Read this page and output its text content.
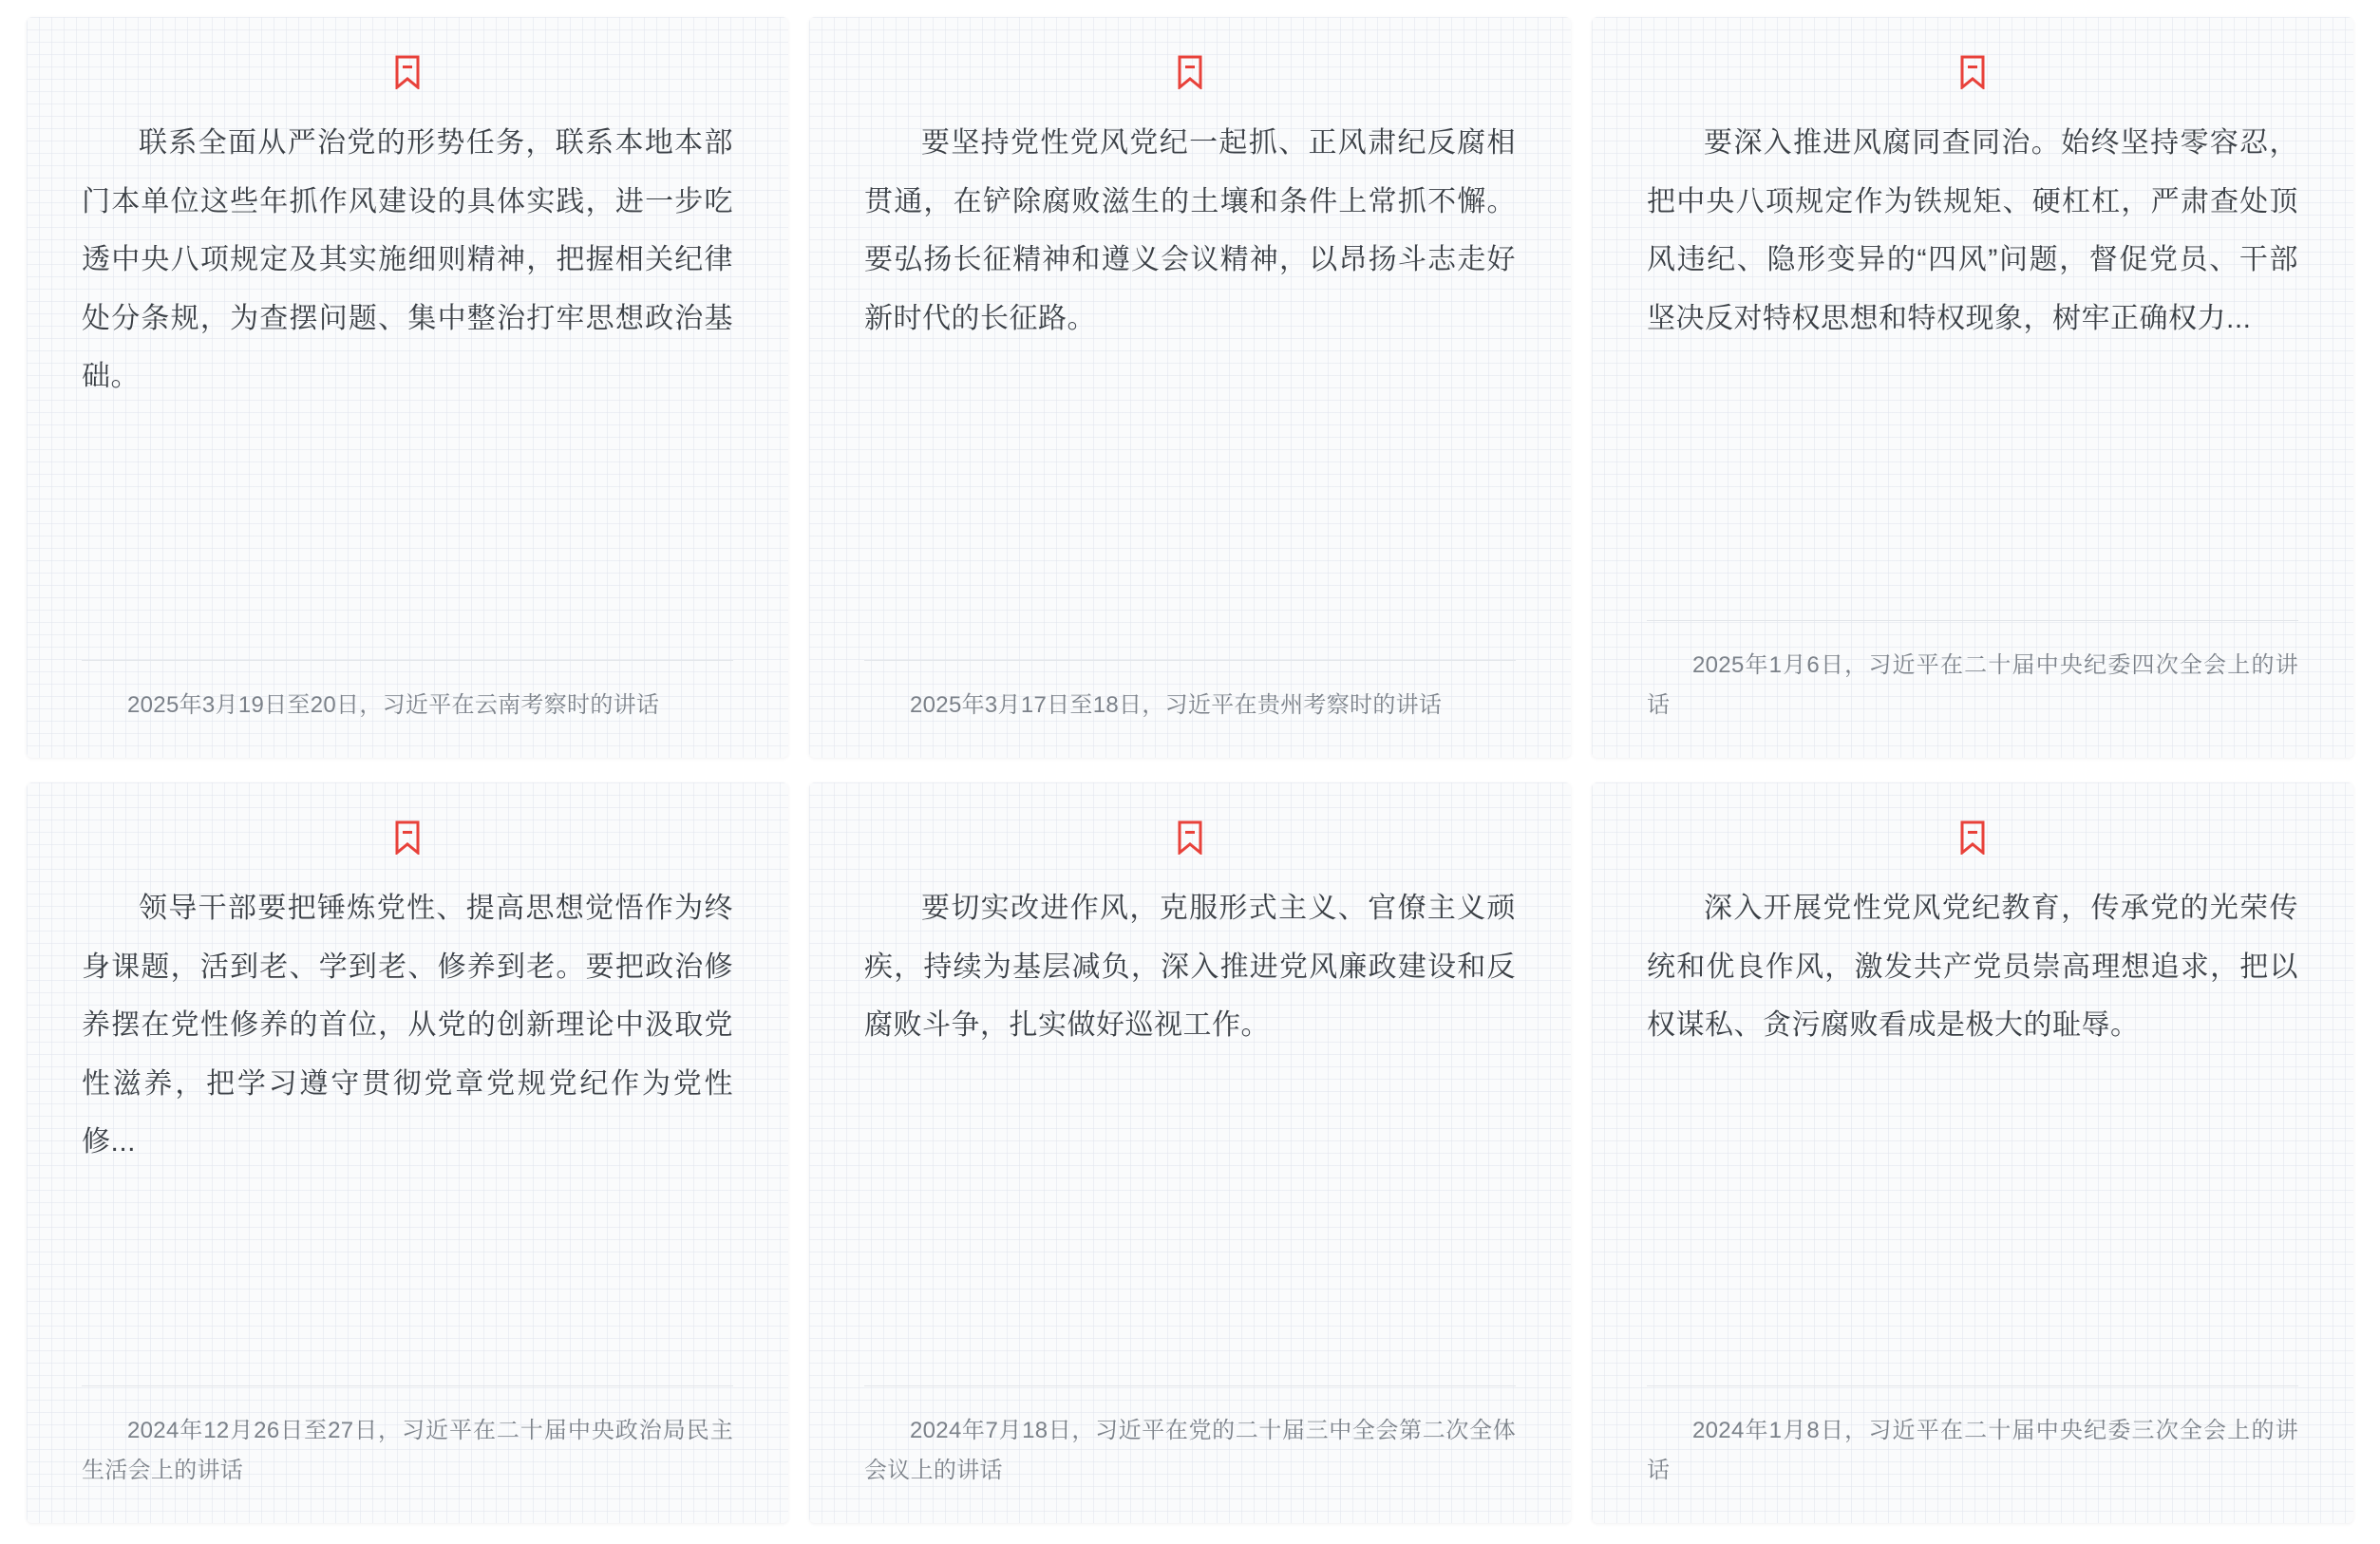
联系全面从严治党的形势任务，联系本地本部门本单位这些年抓作风建设的具体实践，进一步吃透中央八项规定及其实施细则精神，把握相关纪律处分条规，为查摆问题、集中整治打牢思想政治基础。
2025年3月19日至20日，习近平在云南考察时的讲话
要坚持党性党风党纪一起抓、正风肃纪反腐相贯通，在铲除腐败滋生的土壤和条件上常抓不懈。要弘扬长征精神和遵义会议精神，以昂扬斗志走好新时代的长征路。
2025年3月17日至18日，习近平在贵州考察时的讲话
要深入推进风腐同查同治。始终坚持零容忍，把中央八项规定作为铁规矩、硬杠杠，严肃查处顶风违纪、隐形变异的“四风”问题，督促党员、干部坚决反对特权思想和特权现象，树牢正确权力...
2025年1月6日，习近平在二十届中央纪委四次全会上的讲话
领导干部要把锤炼党性、提高思想觉悟作为终身课题，活到老、学到老、修养到老。要把政治修养摆在党性修养的首位，从党的创新理论中汲取党性滋养，把学习遵守贯彻党章党规党纪作为党性修...
2024年12月26日至27日，习近平在二十届中央政治局民主生活会上的讲话
要切实改进作风，克服形式主义、官僚主义顽疾，持续为基层减负，深入推进党风廉政建设和反腐败斗争，扎实做好巡视工作。
2024年7月18日，习近平在党的二十届三中全会第二次全体会议上的讲话
深入开展党性党风党纪教育，传承党的光荣传统和优良作风，激发共产党员崇高理想追求，把以权谋私、贪污腐败看成是极大的耻辱。
2024年1月8日，习近平在二十届中央纪委三次全会上的讲话
